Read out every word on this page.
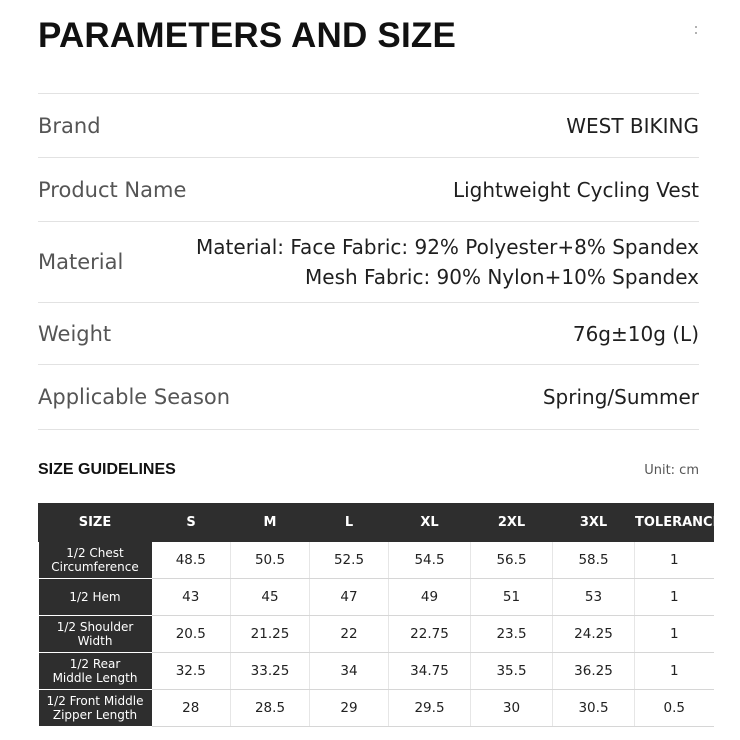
PARAMETERS AND SIZE
Brand	WEST BIKING
Product Name	Lightweight Cycling Vest
Material
Material: Face Fabric: 92% Polyester+8% Spandex
Mesh Fabric: 90% Nylon+10% Spandex
Weight	76g±10g (L)
Applicable Season	Spring/Summer
SIZE GUIDELINES	Unit: cm
SIZE	S	M	L	XL	2XL	3XL	TOLERANCE

1/2 Chest
Circumference	48.5	50.5	52.5	54.5	56.5	58.5	1

1/2 Hem	43	45	47	49	51	53	1

1/2 Shoulder
Width	20.5	21.25	22	22.75	23.5	24.25	1

1/2 Rear
Middle Length	32.5	33.25	34	34.75	35.5	36.25	1

1/2 Front Middle
Zipper Length	28	28.5	29	29.5	30	30.5	0.5
